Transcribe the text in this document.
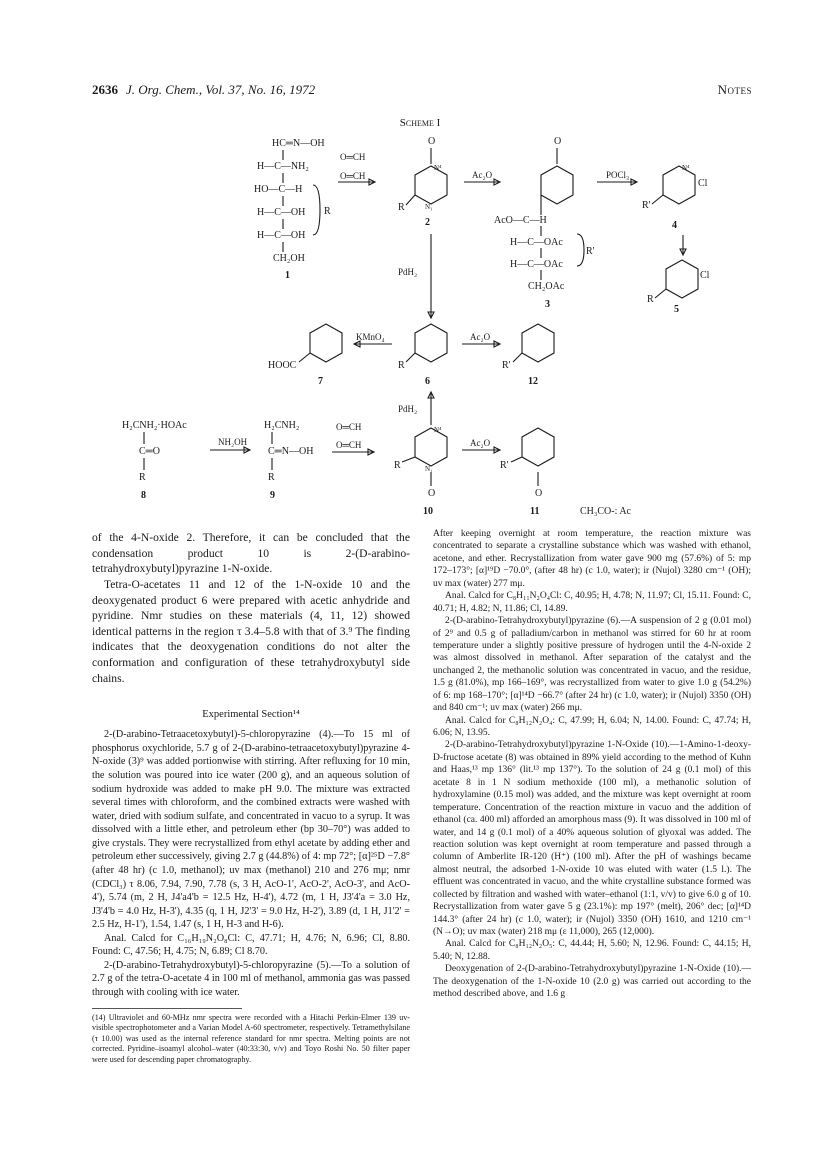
2636 J. Org. Chem., Vol. 37, No. 16, 1972	Notes
Scheme I
HC═N—OH
H—C—NH₂
HO—C—H
H—C—OH
H—C—OH
CH₂OH
R
1
O═CH
O═CH
O
N⁴
N₁
R
2
Ac₂O
O
AcO—C—H
H—C—OAc
H—C—OAc
CH₂OAc
R'
3
POCl₃
N⁴
Cl
R'
4
Cl
R
5
PdH₂
R
6
KMnO₄
HOOC
7
Ac₂O
R'
12
PdH₂
H₂CNH₂·HOAc
C═O
R
8
NH₂OH
H₂CNH₂
C═N—OH
R
9
O═CH
O═CH
N⁴
N₁
R
O
10
Ac₂O
R'
O
11	CH₃CO-: Ac

of the 4-N-oxide 2. Therefore, it can be concluded that the condensation product 10 is 2-(D-arabino-tetrahydroxybutyl)pyrazine 1-N-oxide.

Tetra-O-acetates 11 and 12 of the 1-N-oxide 10 and the deoxygenated product 6 were prepared with acetic anhydride and pyridine. Nmr studies on these materials (4, 11, 12) showed identical patterns in the region τ 3.4–5.8 with that of 3.⁹ The finding indicates that the deoxygenation conditions do not alter the conformation and configuration of these tetrahydroxybutyl side chains.

Experimental Section¹⁴

2-(D-arabino-Tetraacetoxybutyl)-5-chloropyrazine (4).—To 15 ml of phosphorus oxychloride, 5.7 g of 2-(D-arabino-tetraacetoxybutyl)pyrazine 4-N-oxide (3)⁹ was added portionwise with stirring. After refluxing for 10 min, the solution was poured into ice water (200 g), and an aqueous solution of sodium hydroxide was added to make pH 9.0. The mixture was extracted several times with chloroform, and the combined extracts were washed with water, dried with sodium sulfate, and concentrated in vacuo to a syrup. It was dissolved with a little ether, and petroleum ether (bp 30–70°) was added to give crystals. They were recrystallized from ethyl acetate by adding ether and petroleum ether successively, giving 2.7 g (44.8%) of 4: mp 72°; [α]²⁵D −7.8° (after 48 hr) (c 1.0, methanol); uv max (methanol) 210 and 276 mμ; nmr (CDCl₃) τ 8.06, 7.94, 7.90, 7.78 (s, 3 H, AcO-1', AcO-2', AcO-3', and AcO-4'), 5.74 (m, 2 H, J4'a4'b = 12.5 Hz, H-4'), 4.72 (m, 1 H, J3'4'a = 3.0 Hz, J3'4'b = 4.0 Hz, H-3'), 4.35 (q, 1 H, J2'3' = 9.0 Hz, H-2'), 3.89 (d, 1 H, J1'2' = 2.5 Hz, H-1'), 1.54, 1.47 (s, 1 H, H-3 and H-6).

Anal. Calcd for C₁₆H₁₉N₂O₈Cl: C, 47.71; H, 4.76; N, 6.96; Cl, 8.80. Found: C, 47.56; H, 4.75; N, 6.89; Cl 8.70.

2-(D-arabino-Tetrahydroxybutyl)-5-chloropyrazine (5).—To a solution of 2.7 g of the tetra-O-acetate 4 in 100 ml of methanol, ammonia gas was passed through with cooling with ice water.

(14) Ultraviolet and 60-MHz nmr spectra were recorded with a Hitachi Perkin-Elmer 139 uv-visible spectrophotometer and a Varian Model A-60 spectrometer, respectively. Tetramethylsilane (τ 10.00) was used as the internal reference standard for nmr spectra. Melting points are not corrected. Pyridine–isoamyl alcohol–water (40:33:30, v/v) and Toyo Roshi No. 50 filter paper were used for descending paper chromatography.

After keeping overnight at room temperature, the reaction mixture was concentrated to separate a crystalline substance which was washed with ethanol, acetone, and ether. Recrystallization from water gave 900 mg (57.6%) of 5: mp 172–173°; [α]¹⁹D −70.0°, (after 48 hr) (c 1.0, water); ir (Nujol) 3280 cm⁻¹ (OH); uv max (water) 277 mμ.

Anal. Calcd for C₈H₁₁N₂O₄Cl: C, 40.95; H, 4.78; N, 11.97; Cl, 15.11. Found: C, 40.71; H, 4.82; N, 11.86; Cl, 14.89.

2-(D-arabino-Tetrahydroxybutyl)pyrazine (6).—A suspension of 2 g (0.01 mol) of 2⁹ and 0.5 g of palladium/carbon in methanol was stirred for 60 hr at room temperature under a slightly positive pressure of hydrogen until the 4-N-oxide 2 was almost dissolved in methanol. After separation of the catalyst and the unchanged 2, the methanolic solution was concentrated in vacuo, and the residue, 1.5 g (81.0%), mp 166–169°, was recrystallized from water to give 1.0 g (54.2%) of 6: mp 168–170°; [α]¹⁴D −66.7° (after 24 hr) (c 1.0, water); ir (Nujol) 3350 (OH) and 840 cm⁻¹; uv max (water) 266 mμ.

Anal. Calcd for C₈H₁₂N₂O₄: C, 47.99; H, 6.04; N, 14.00. Found: C, 47.74; H, 6.06; N, 13.95.

2-(D-arabino-Tetrahydroxybutyl)pyrazine 1-N-Oxide (10).—1-Amino-1-deoxy-D-fructose acetate (8) was obtained in 89% yield according to the method of Kuhn and Haas,¹³ mp 136° (lit.¹³ mp 137°). To the solution of 24 g (0.1 mol) of this acetate 8 in 1 N sodium methoxide (100 ml), a methanolic solution of hydroxylamine (0.15 mol) was added, and the mixture was kept overnight at room temperature. Concentration of the reaction mixture in vacuo and the addition of ethanol (ca. 400 ml) afforded an amorphous mass (9). It was dissolved in 100 ml of water, and 14 g (0.1 mol) of a 40% aqueous solution of glyoxal was added. The reaction solution was kept overnight at room temperature and passed through a column of Amberlite IR-120 (H⁺) (100 ml). After the pH of washings became almost neutral, the adsorbed 1-N-oxide 10 was eluted with water (1.5 l.). The effluent was concentrated in vacuo, and the white crystalline substance formed was collected by filtration and washed with water–ethanol (1:1, v/v) to give 6.0 g of 10. Recrystallization from water gave 5 g (23.1%): mp 197° (melt), 206° dec; [α]¹⁴D 144.3° (after 24 hr) (c 1.0, water); ir (Nujol) 3350 (OH) 1610, and 1210 cm⁻¹ (N→O); uv max (water) 218 mμ (ε 11,000), 265 (12,000).

Anal. Calcd for C₈H₁₂N₂O₅: C, 44.44; H, 5.60; N, 12.96. Found: C, 44.15; H, 5.40; N, 12.88.

Deoxygenation of 2-(D-arabino-Tetrahydroxybutyl)pyrazine 1-N-Oxide (10).—The deoxygenation of the 1-N-oxide 10 (2.0 g) was carried out according to the method described above, and 1.6 g
